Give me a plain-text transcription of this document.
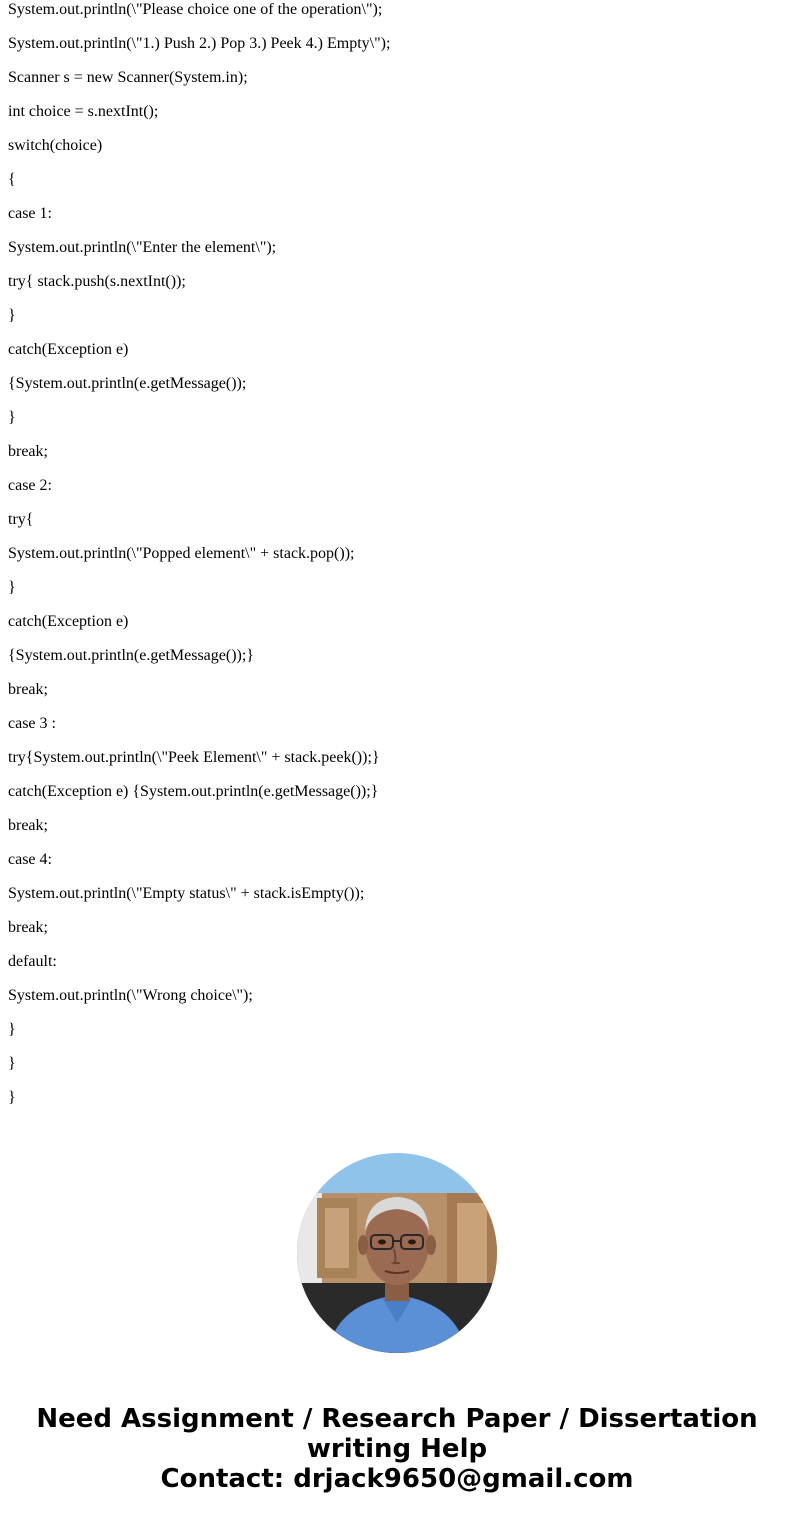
System.out.println(\"Please choice one of the operation\");

System.out.println(\"1.) Push 2.) Pop 3.) Peek 4.) Empty\");

Scanner s = new Scanner(System.in);

int choice = s.nextInt();

switch(choice)

{

case 1:

System.out.println(\"Enter the element\");

try{ stack.push(s.nextInt());

}

catch(Exception e)

{System.out.println(e.getMessage());

}

break;

case 2:

try{

System.out.println(\"Popped element\" + stack.pop());

}

catch(Exception e)

{System.out.println(e.getMessage());}

break;

case 3 :

try{System.out.println(\"Peek Element\" + stack.peek());}

catch(Exception e) {System.out.println(e.getMessage());}

break;

case 4:

System.out.println(\"Empty status\" + stack.isEmpty());

break;

default:

System.out.println(\"Wrong choice\");

}

}

}

Need Assignment / Research Paper / Dissertation
writing Help
Contact: drjack9650@gmail.com
